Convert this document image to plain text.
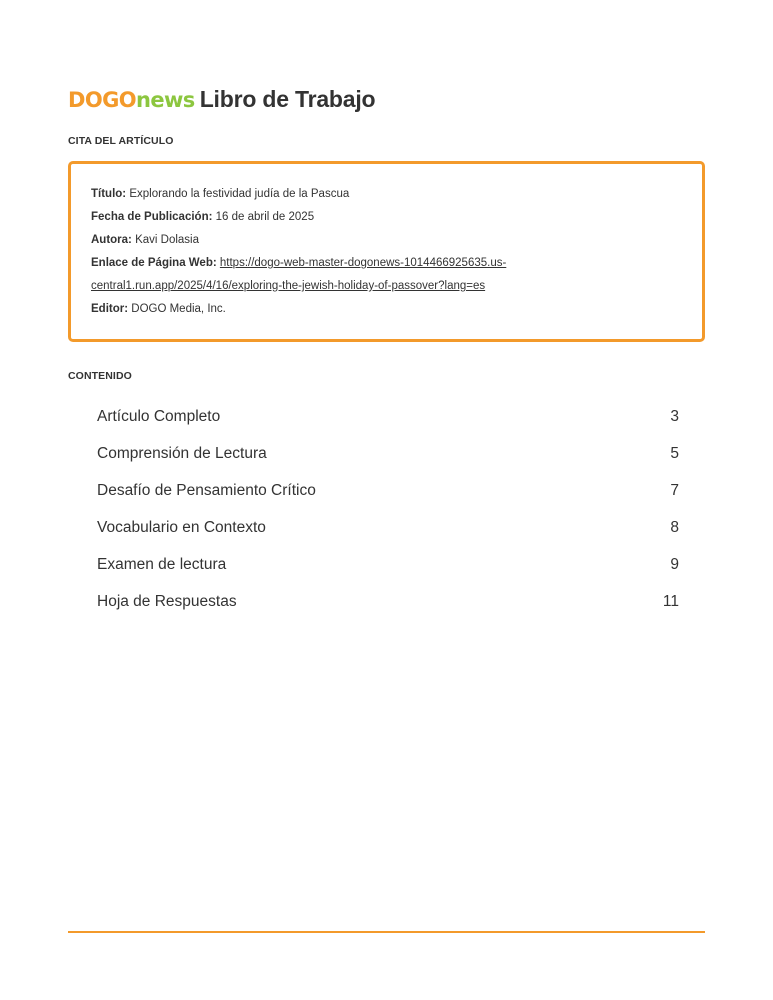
DOGOnews Libro de Trabajo
CITA DEL ARTÍCULO
Título: Explorando la festividad judía de la Pascua
Fecha de Publicación: 16 de abril de 2025
Autora: Kavi Dolasia
Enlace de Página Web: https://dogo-web-master-dogonews-1014466925635.us-
central1.run.app/2025/4/16/exploring-the-jewish-holiday-of-passover?lang=es
Editor: DOGO Media, Inc.
CONTENIDO
Artículo Completo	3
Comprensión de Lectura	5
Desafío de Pensamiento Crítico	7
Vocabulario en Contexto	8
Examen de lectura	9
Hoja de Respuestas	11
